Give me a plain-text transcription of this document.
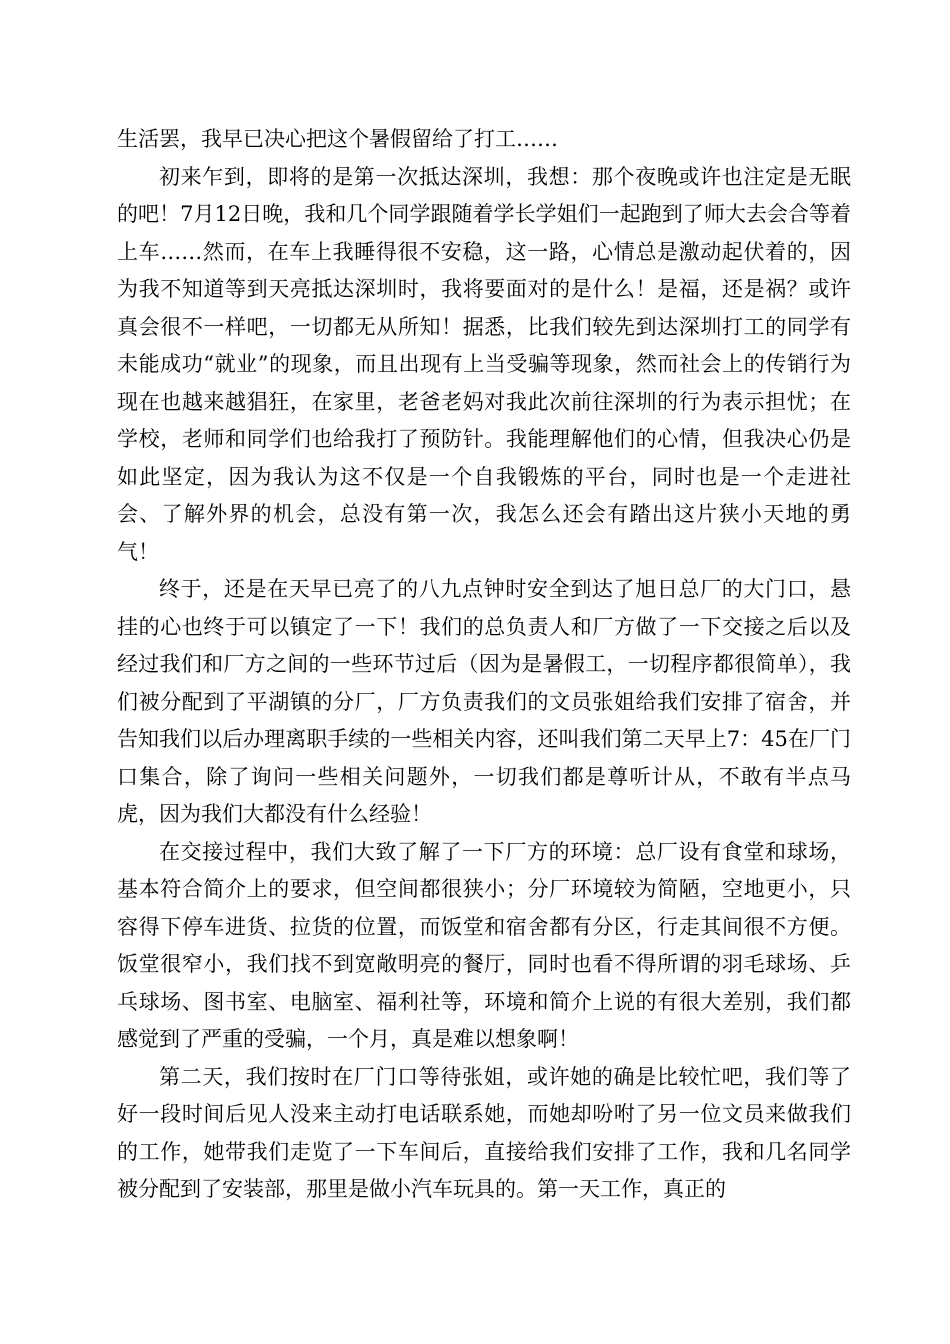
生活罢，我早已决心把这个暑假留给了打工……

初来乍到，即将的是第一次抵达深圳，我想：那个夜晚或许也注定是无眠的吧！7月12日晚，我和几个同学跟随着学长学姐们一起跑到了师大去会合等着上车……然而，在车上我睡得很不安稳，这一路，心情总是激动起伏着的，因为我不知道等到天亮抵达深圳时，我将要面对的是什么！是福，还是祸？或许真会很不一样吧，一切都无从所知！据悉，比我们较先到达深圳打工的同学有未能成功“就业”的现象，而且出现有上当受骗等现象，然而社会上的传销行为现在也越来越猖狂，在家里，老爸老妈对我此次前往深圳的行为表示担忧；在学校，老师和同学们也给我打了预防针。我能理解他们的心情，但我决心仍是如此坚定，因为我认为这不仅是一个自我锻炼的平台，同时也是一个走进社会、了解外界的机会，总没有第一次，我怎么还会有踏出这片狭小天地的勇气！

终于，还是在天早已亮了的八九点钟时安全到达了旭日总厂的大门口，悬挂的心也终于可以镇定了一下！我们的总负责人和厂方做了一下交接之后以及经过我们和厂方之间的一些环节过后（因为是暑假工，一切程序都很简单），我们被分配到了平湖镇的分厂，厂方负责我们的文员张姐给我们安排了宿舍，并告知我们以后办理离职手续的一些相关内容，还叫我们第二天早上7：45在厂门口集合，除了询问一些相关问题外，一切我们都是尊听计从，不敢有半点马虎，因为我们大都没有什么经验！

在交接过程中，我们大致了解了一下厂方的环境：总厂设有食堂和球场，基本符合简介上的要求，但空间都很狭小；分厂环境较为简陋，空地更小，只容得下停车进货、拉货的位置，而饭堂和宿舍都有分区，行走其间很不方便。饭堂很窄小，我们找不到宽敞明亮的餐厅，同时也看不得所谓的羽毛球场、乒乓球场、图书室、电脑室、福利社等，环境和简介上说的有很大差别，我们都感觉到了严重的受骗，一个月，真是难以想象啊！

第二天，我们按时在厂门口等待张姐，或许她的确是比较忙吧，我们等了好一段时间后见人没来主动打电话联系她，而她却吩咐了另一位文员来做我们的工作，她带我们走览了一下车间后，直接给我们安排了工作，我和几名同学被分配到了安装部，那里是做小汽车玩具的。第一天工作，真正的
